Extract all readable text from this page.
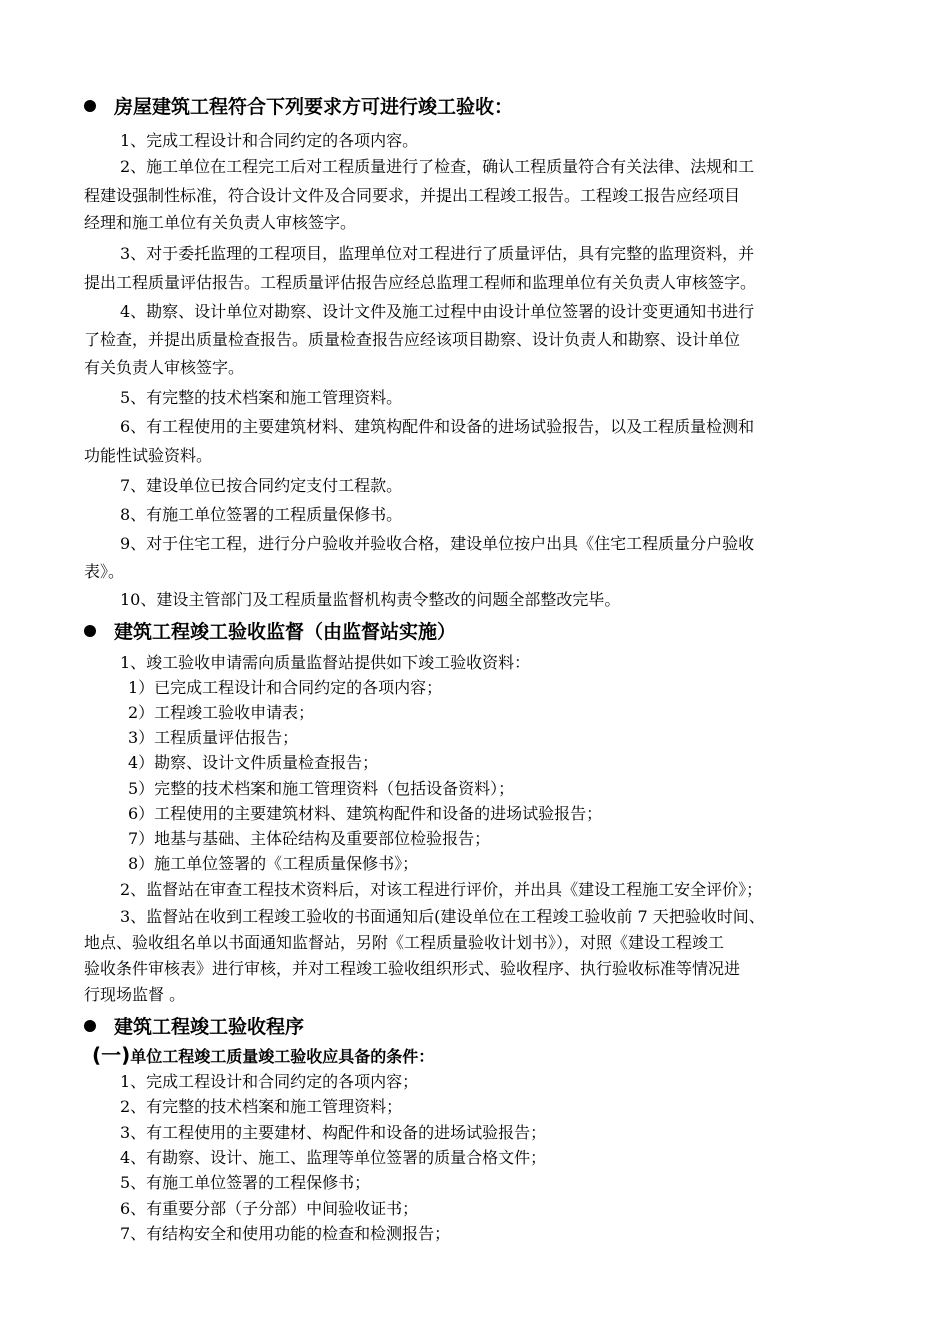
房屋建筑工程符合下列要求方可进行竣工验收：
1、完成工程设计和合同约定的各项内容。
2、施工单位在工程完工后对工程质量进行了检查，确认工程质量符合有关法律、法规和工
程建设强制性标准，符合设计文件及合同要求，并提出工程竣工报告。工程竣工报告应经项目
经理和施工单位有关负责人审核签字。
3、对于委托监理的工程项目，监理单位对工程进行了质量评估，具有完整的监理资料，并
提出工程质量评估报告。工程质量评估报告应经总监理工程师和监理单位有关负责人审核签字。
4、勘察、设计单位对勘察、设计文件及施工过程中由设计单位签署的设计变更通知书进行
了检查，并提出质量检查报告。质量检查报告应经该项目勘察、设计负责人和勘察、设计单位
有关负责人审核签字。
5、有完整的技术档案和施工管理资料。
6、有工程使用的主要建筑材料、建筑构配件和设备的进场试验报告，以及工程质量检测和
功能性试验资料。
7、建设单位已按合同约定支付工程款。
8、有施工单位签署的工程质量保修书。
9、对于住宅工程，进行分户验收并验收合格，建设单位按户出具《住宅工程质量分户验收
表》。
10、建设主管部门及工程质量监督机构责令整改的问题全部整改完毕。
建筑工程竣工验收监督（由监督站实施）
1、竣工验收申请需向质量监督站提供如下竣工验收资料：
1）已完成工程设计和合同约定的各项内容；
2）工程竣工验收申请表；
3）工程质量评估报告；
4）勘察、设计文件质量检查报告；
5）完整的技术档案和施工管理资料（包括设备资料）；
6）工程使用的主要建筑材料、建筑构配件和设备的进场试验报告；
7）地基与基础、主体砼结构及重要部位检验报告；
8）施工单位签署的《工程质量保修书》；
2、监督站在审查工程技术资料后，对该工程进行评价，并出具《建设工程施工安全评价》；
3、监督站在收到工程竣工验收的书面通知后(建设单位在工程竣工验收前 7 天把验收时间、
地点、验收组名单以书面通知监督站，另附《工程质量验收计划书》），对照《建设工程竣工
验收条件审核表》进行审核，并对工程竣工验收组织形式、验收程序、执行验收标准等情况进
行现场监督 。
建筑工程竣工验收程序
(一)单位工程竣工质量竣工验收应具备的条件：
1、完成工程设计和合同约定的各项内容；
2、有完整的技术档案和施工管理资料；
3、有工程使用的主要建材、构配件和设备的进场试验报告；
4、有勘察、设计、施工、监理等单位签署的质量合格文件；
5、有施工单位签署的工程保修书；
6、有重要分部（子分部）中间验收证书；
7、有结构安全和使用功能的检查和检测报告；
